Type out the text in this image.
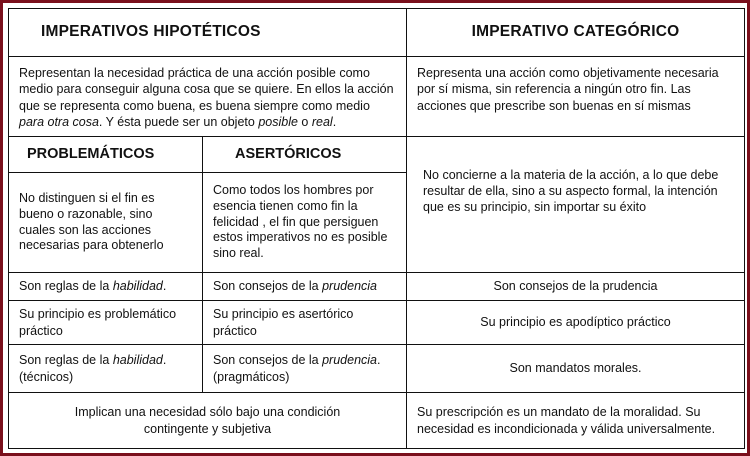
IMPERATIVOS HIPOTÉTICOS		IMPERATIVO CATEGÓRICO
Representan la necesidad práctica de una acción posible como medio para conseguir alguna cosa que se quiere. En ellos la acción que se representa como buena, es buena siempre como medio para otra cosa. Y ésta puede ser un objeto posible o real.		Representa una acción como objetivamente necesaria por sí misma, sin referencia a ningún otro fin. Las acciones que prescribe son buenas en sí mismas
PROBLEMÁTICOS	ASERTÓRICOS	No concierne a la materia de la acción, a lo que debe resultar de ella, sino a su aspecto formal, la intención que es su principio, sin importar su éxito
No distinguen si el fin es bueno o razonable, sino cuales son las acciones necesarias para obtenerlo	Como todos los hombres por esencia tienen como fin la felicidad , el fin que persiguen estos imperativos no es posible sino real.	
Son reglas de la habilidad.	Son consejos de la prudencia	Son consejos de la prudencia
Su principio es problemático práctico	Su principio es asertórico práctico	Su principio es apodíptico práctico
Son reglas de la habilidad. (técnicos)	Son consejos de la prudencia. (pragmáticos)	Son mandatos morales.
Implican una necesidad sólo bajo una condición contingente y subjetiva		Su prescripción es un mandato de la moralidad. Su necesidad es incondicionada y válida universalmente.
